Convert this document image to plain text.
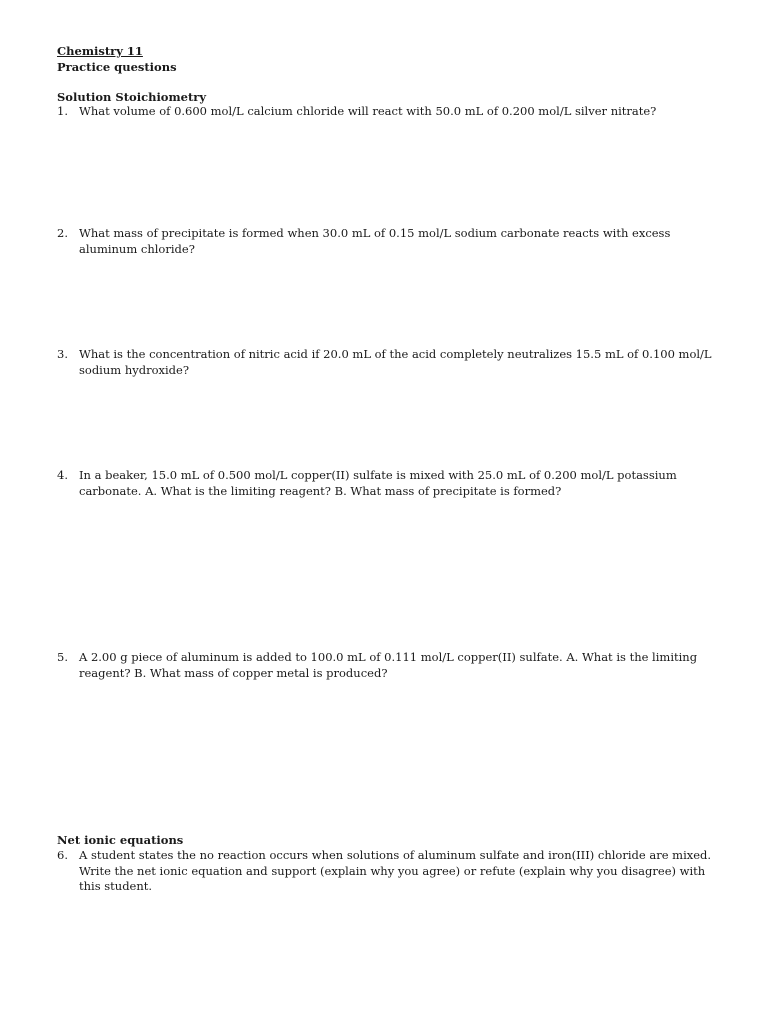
Chemistry 11
Practice questions
Solution Stoichiometry
1. What volume of 0.600 mol/L calcium chloride will react with 50.0 mL of 0.200 mol/L silver nitrate?
2. What mass of precipitate is formed when 30.0 mL of 0.15 mol/L sodium carbonate reacts with excess aluminum chloride?
3. What is the concentration of nitric acid if 20.0 mL of the acid completely neutralizes 15.5 mL of 0.100 mol/L sodium hydroxide?
4. In a beaker, 15.0 mL of 0.500 mol/L copper(II) sulfate is mixed with 25.0 mL of 0.200 mol/L potassium carbonate. A. What is the limiting reagent? B. What mass of precipitate is formed?
5. A 2.00 g piece of aluminum is added to 100.0 mL of 0.111 mol/L copper(II) sulfate. A. What is the limiting reagent? B. What mass of copper metal is produced?
Net ionic equations
6. A student states the no reaction occurs when solutions of aluminum sulfate and iron(III) chloride are mixed. Write the net ionic equation and support (explain why you agree) or refute (explain why you disagree) with this student.
